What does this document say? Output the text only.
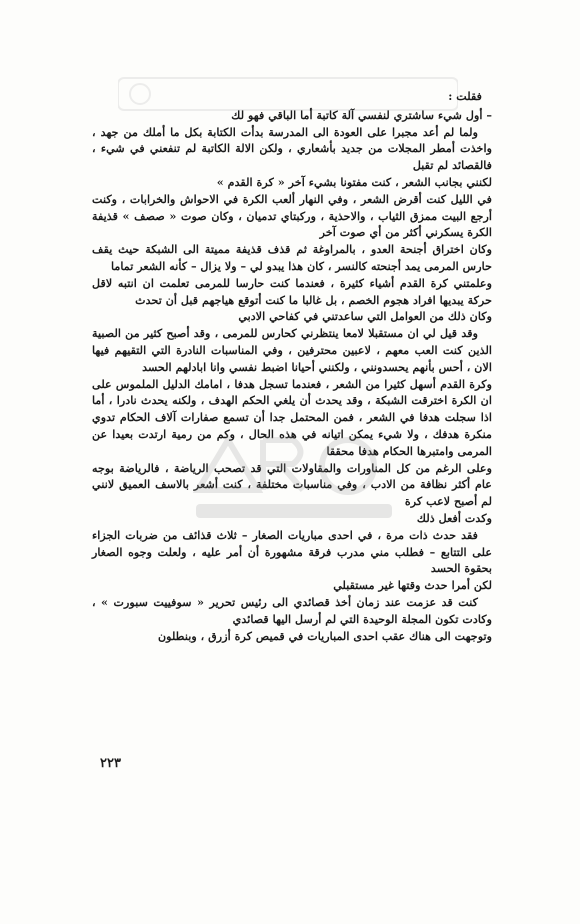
فقلت :

– أول شيء ساشتري لنفسي آلة كاتبة أما الباقي فهو لك

ولما لم أعد مجبرا على العودة الى المدرسة بدأت الكتابة بكل ما أملك من جهد ، واخذت أمطر المجلات من جديد بأشعاري ، ولكن الالة الكاتبة لم تنفعني في شيء ، فالقصائد لم تقبل

لكنني بجانب الشعر ، كنت مفتونا بشيء آخر « كرة القدم »

في الليل كنت أقرض الشعر ، وفي النهار ألعب الكرة في الاحواش والخرابات ، وكنت أرجع البيت ممزق الثياب ، والاحذية ، وركبتاي تدميان ، وكان صوت « صصف » قذيفة الكرة يسكرني أكثر من أي صوت آخر

وكان اختراق أجنحة العدو ، بالمراوغة ثم قذف قذيفة مميتة الى الشبكة حيث يقف حارس المرمى يمد أجنحته كالنسر ، كان هذا يبدو لي – ولا يزال – كأنه الشعر تماما

وعلمتني كرة القدم أشياء كثيرة ، فعندما كنت حارسا للمرمى تعلمت ان انتبه لاقل حركة يبديها افراد هجوم الخصم ، بل غالبا ما كنت أتوقع هياجهم قبل أن تحدث

وكان ذلك من العوامل التي ساعدتني في كفاحي الادبي

وقد قيل لي ان مستقبلا لامعا ينتظرني كحارس للمرمى ، وقد أصبح كثير من الصبية الذين كنت العب معهم ، لاعبين محترفين ، وفي المناسبات النادرة التي التقيهم فيها الان ، أحس بأنهم يحسدونني ، ولكنني أحيانا اضبط نفسي وانا ابادلهم الحسد

وكرة القدم أسهل كثيرا من الشعر ، فعندما تسجل هدفا ، امامك الدليل الملموس على ان الكرة اخترقت الشبكة ، وقد يحدث أن يلغي الحكم الهدف ، ولكنه يحدث نادرا ، أما اذا سجلت هدفا في الشعر ، فمن المحتمل جدا أن تسمع صفارات آلاف الحكام تدوي منكرة هدفك ، ولا شيء يمكن اتيانه في هذه الحال ، وكم من رمية ارتدت بعيدا عن المرمى وامتبرها الحكام هدفا محققا

وعلى الرغم من كل المناورات والمقاولات التي قد تصحب الرياضة ، فالرياضة بوجه عام أكثر نظافة من الادب ، وفي مناسبات مختلفة ، كنت أشعر بالاسف العميق لانني لم أصبح لاعب كرة

وكدت أفعل ذلك

فقد حدث ذات مرة ، في احدى مباريات الصغار – ثلاث قذائف من ضربات الجزاء على التتابع – فطلب مني مدرب فرقة مشهورة أن أمر عليه ، ولعلت وجوه الصغار بحقوة الحسد

لكن أمرا حدث وقتها غير مستقبلي

كنت قد عزمت عند زمان أخذ قصائدي الى رئيس تحرير « سوفييت سبورت » ، وكادت تكون المجلة الوحيدة التي لم أرسل اليها قصائدي

وتوجهت الى هناك عقب احدى المباريات في قميص كرة أزرق ، وبنطلون

٢٢٣
